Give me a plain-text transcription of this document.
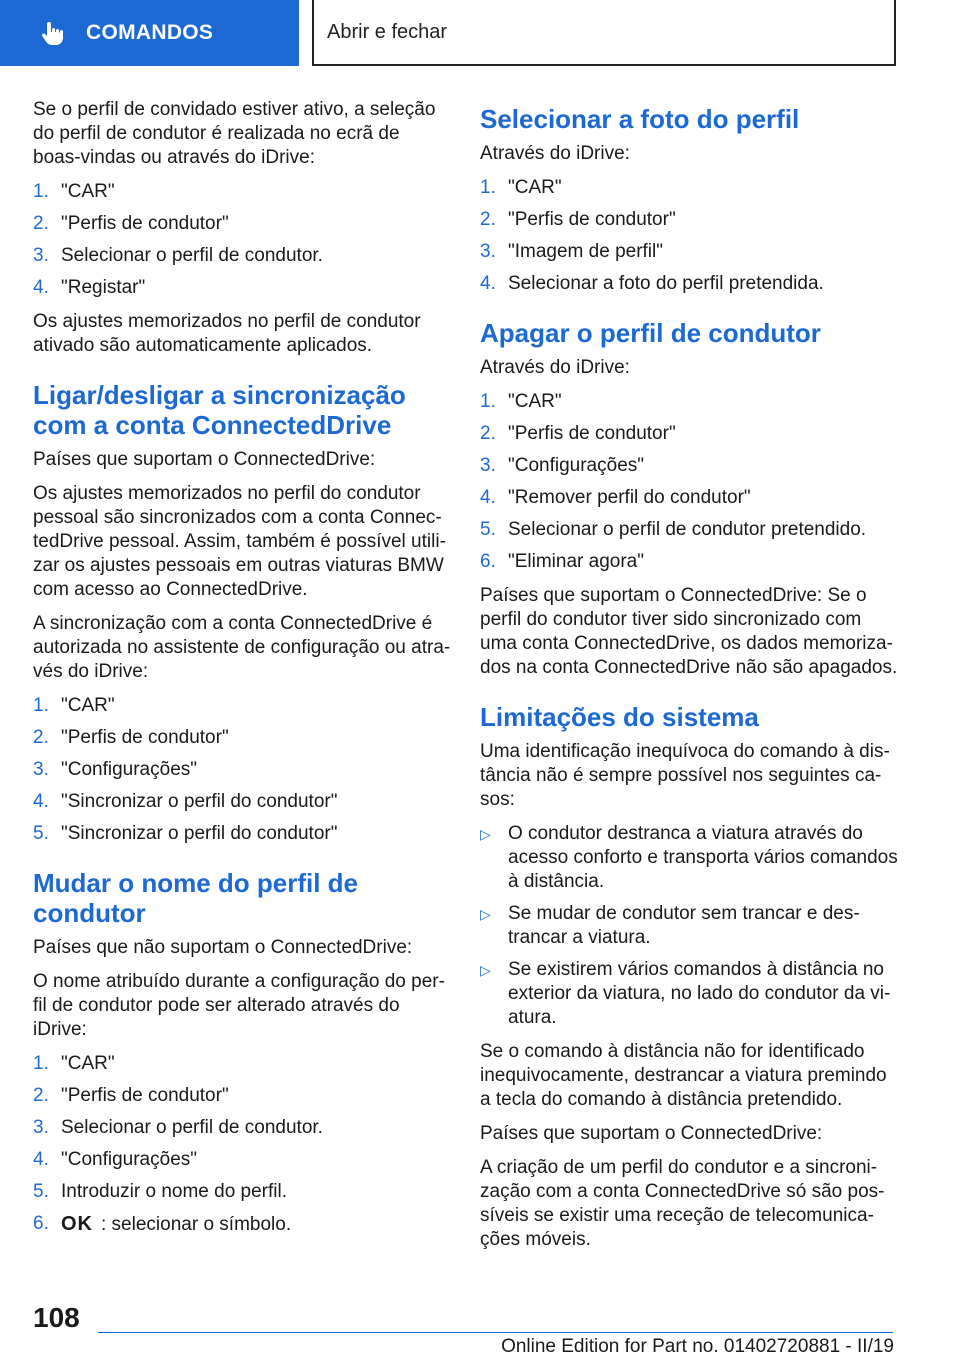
COMANDOS	Abrir e fechar

Se o perfil de convidado estiver ativo, a seleção do perfil de condutor é realizada no ecrã de boas-vindas ou através do iDrive:

1. "CAR"
2. "Perfis de condutor"
3. Selecionar o perfil de condutor.
4. "Registar"

Os ajustes memorizados no perfil de condutor ativado são automaticamente aplicados.

Ligar/desligar a sincronização com a conta ConnectedDrive

Países que suportam o ConnectedDrive:

Os ajustes memorizados no perfil do condutor pessoal são sincronizados com a conta ConnectedDrive pessoal. Assim, também é possível utilizar os ajustes pessoais em outras viaturas BMW com acesso ao ConnectedDrive.

A sincronização com a conta ConnectedDrive é autorizada no assistente de configuração ou através do iDrive:

1. "CAR"
2. "Perfis de condutor"
3. "Configurações"
4. "Sincronizar o perfil do condutor"
5. "Sincronizar o perfil do condutor"
Mudar o nome do perfil de condutor

Países que não suportam o ConnectedDrive:

O nome atribuído durante a configuração do perfil de condutor pode ser alterado através do iDrive:

1. "CAR"
2. "Perfis de condutor"
3. Selecionar o perfil de condutor.
4. "Configurações"
5. Introduzir o nome do perfil.
6. OK : selecionar o símbolo.
Selecionar a foto do perfil

Através do iDrive:

1. "CAR"
2. "Perfis de condutor"
3. "Imagem de perfil"
4. Selecionar a foto do perfil pretendida.
Apagar o perfil de condutor

Através do iDrive:

1. "CAR"
2. "Perfis de condutor"
3. "Configurações"
4. "Remover perfil do condutor"
5. Selecionar o perfil de condutor pretendido.
6. "Eliminar agora"

Países que suportam o ConnectedDrive: Se o perfil do condutor tiver sido sincronizado com uma conta ConnectedDrive, os dados memorizados na conta ConnectedDrive não são apagados.

Limitações do sistema

Uma identificação inequívoca do comando à distância não é sempre possível nos seguintes casos:

▷ O condutor destranca a viatura através do acesso conforto e transporta vários comandos à distância.
▷ Se mudar de condutor sem trancar e destrancar a viatura.
▷ Se existirem vários comandos à distância no exterior da viatura, no lado do condutor da viatura.

Se o comando à distância não for identificado inequivocamente, destrancar a viatura premindo a tecla do comando à distância pretendido.

Países que suportam o ConnectedDrive:

A criação de um perfil do condutor e a sincronização com a conta ConnectedDrive só são possíveis se existir uma receção de telecomunicações móveis.

108
Online Edition for Part no. 01402720881 - II/19
